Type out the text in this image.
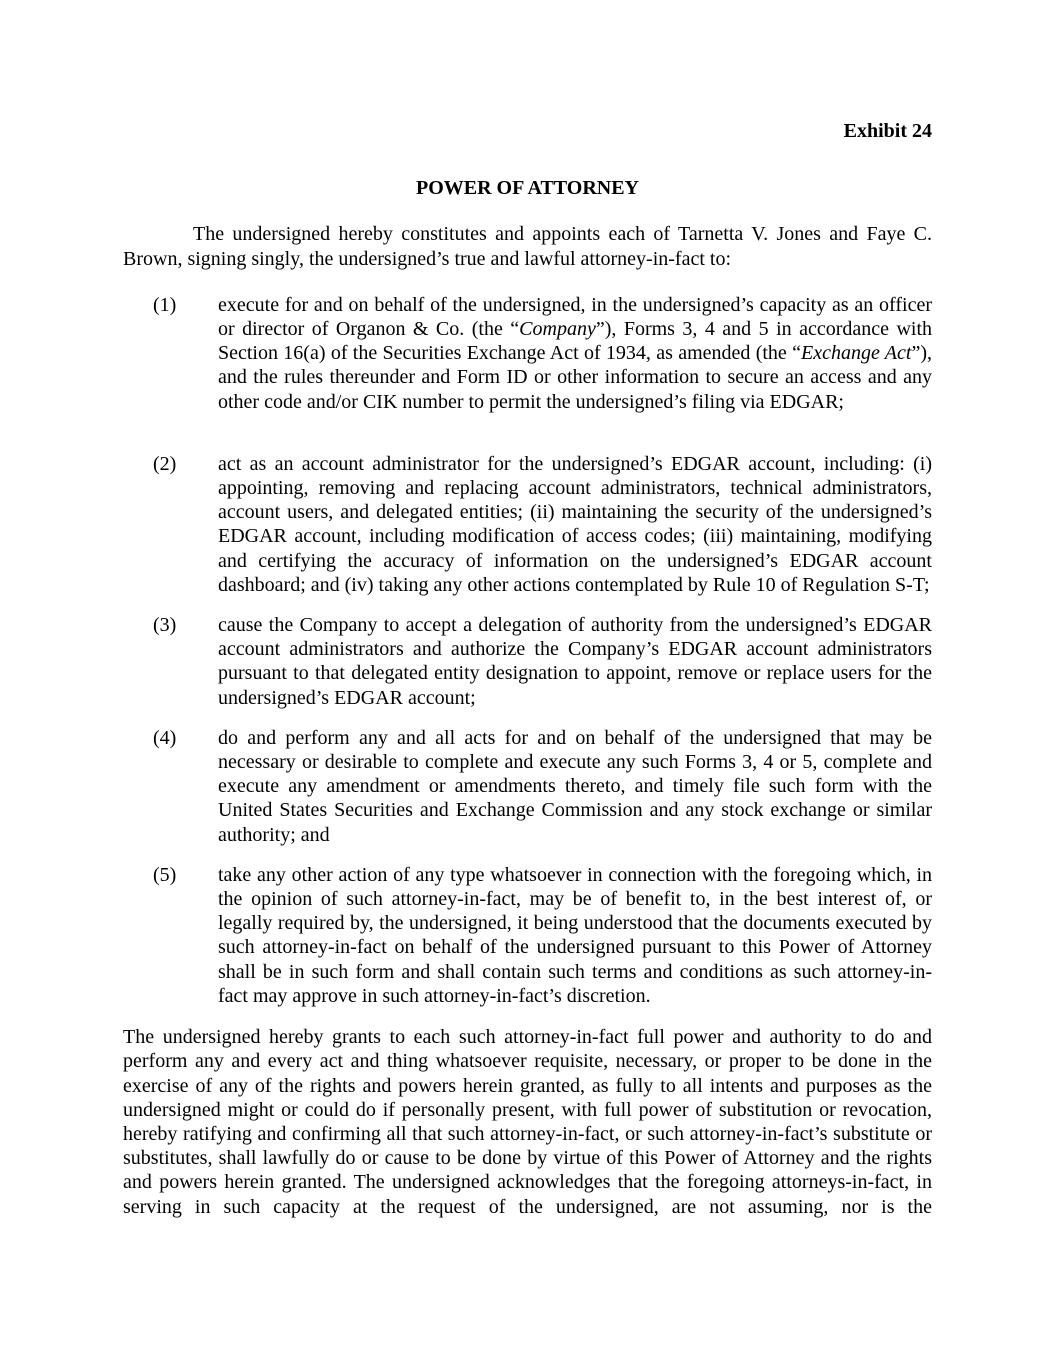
Exhibit 24
POWER OF ATTORNEY

The undersigned hereby constitutes and appoints each of Tarnetta V. Jones and Faye C. Brown, signing singly, the undersigned’s true and lawful attorney-in-fact to:

(1) execute for and on behalf of the undersigned, in the undersigned’s capacity as an officer or director of Organon & Co. (the “Company”), Forms 3, 4 and 5 in accordance with Section 16(a) of the Securities Exchange Act of 1934, as amended (the “Exchange Act”), and the rules thereunder and Form ID or other information to secure an access and any other code and/or CIK number to permit the undersigned’s filing via EDGAR;
(2) act as an account administrator for the undersigned’s EDGAR account, including: (i) appointing, removing and replacing account administrators, technical administrators, account users, and delegated entities; (ii) maintaining the security of the undersigned’s EDGAR account, including modification of access codes; (iii) maintaining, modifying and certifying the accuracy of information on the undersigned’s EDGAR account dashboard; and (iv) taking any other actions contemplated by Rule 10 of Regulation S-T;
(3) cause the Company to accept a delegation of authority from the undersigned’s EDGAR account administrators and authorize the Company’s EDGAR account administrators pursuant to that delegated entity designation to appoint, remove or replace users for the undersigned’s EDGAR account;
(4) do and perform any and all acts for and on behalf of the undersigned that may be necessary or desirable to complete and execute any such Forms 3, 4 or 5, complete and execute any amendment or amendments thereto, and timely file such form with the United States Securities and Exchange Commission and any stock exchange or similar authority; and
(5) take any other action of any type whatsoever in connection with the foregoing which, in the opinion of such attorney-in-fact, may be of benefit to, in the best interest of, or legally required by, the undersigned, it being understood that the documents executed by such attorney-in-fact on behalf of the undersigned pursuant to this Power of Attorney shall be in such form and shall contain such terms and conditions as such attorney-in-fact may approve in such attorney-in-fact’s discretion.

The undersigned hereby grants to each such attorney-in-fact full power and authority to do and perform any and every act and thing whatsoever requisite, necessary, or proper to be done in the exercise of any of the rights and powers herein granted, as fully to all intents and purposes as the undersigned might or could do if personally present, with full power of substitution or revocation, hereby ratifying and confirming all that such attorney-in-fact, or such attorney-in-fact’s substitute or substitutes, shall lawfully do or cause to be done by virtue of this Power of Attorney and the rights and powers herein granted. The undersigned acknowledges that the foregoing attorneys-in-fact, in serving in such capacity at the request of the undersigned, are not assuming, nor is the
